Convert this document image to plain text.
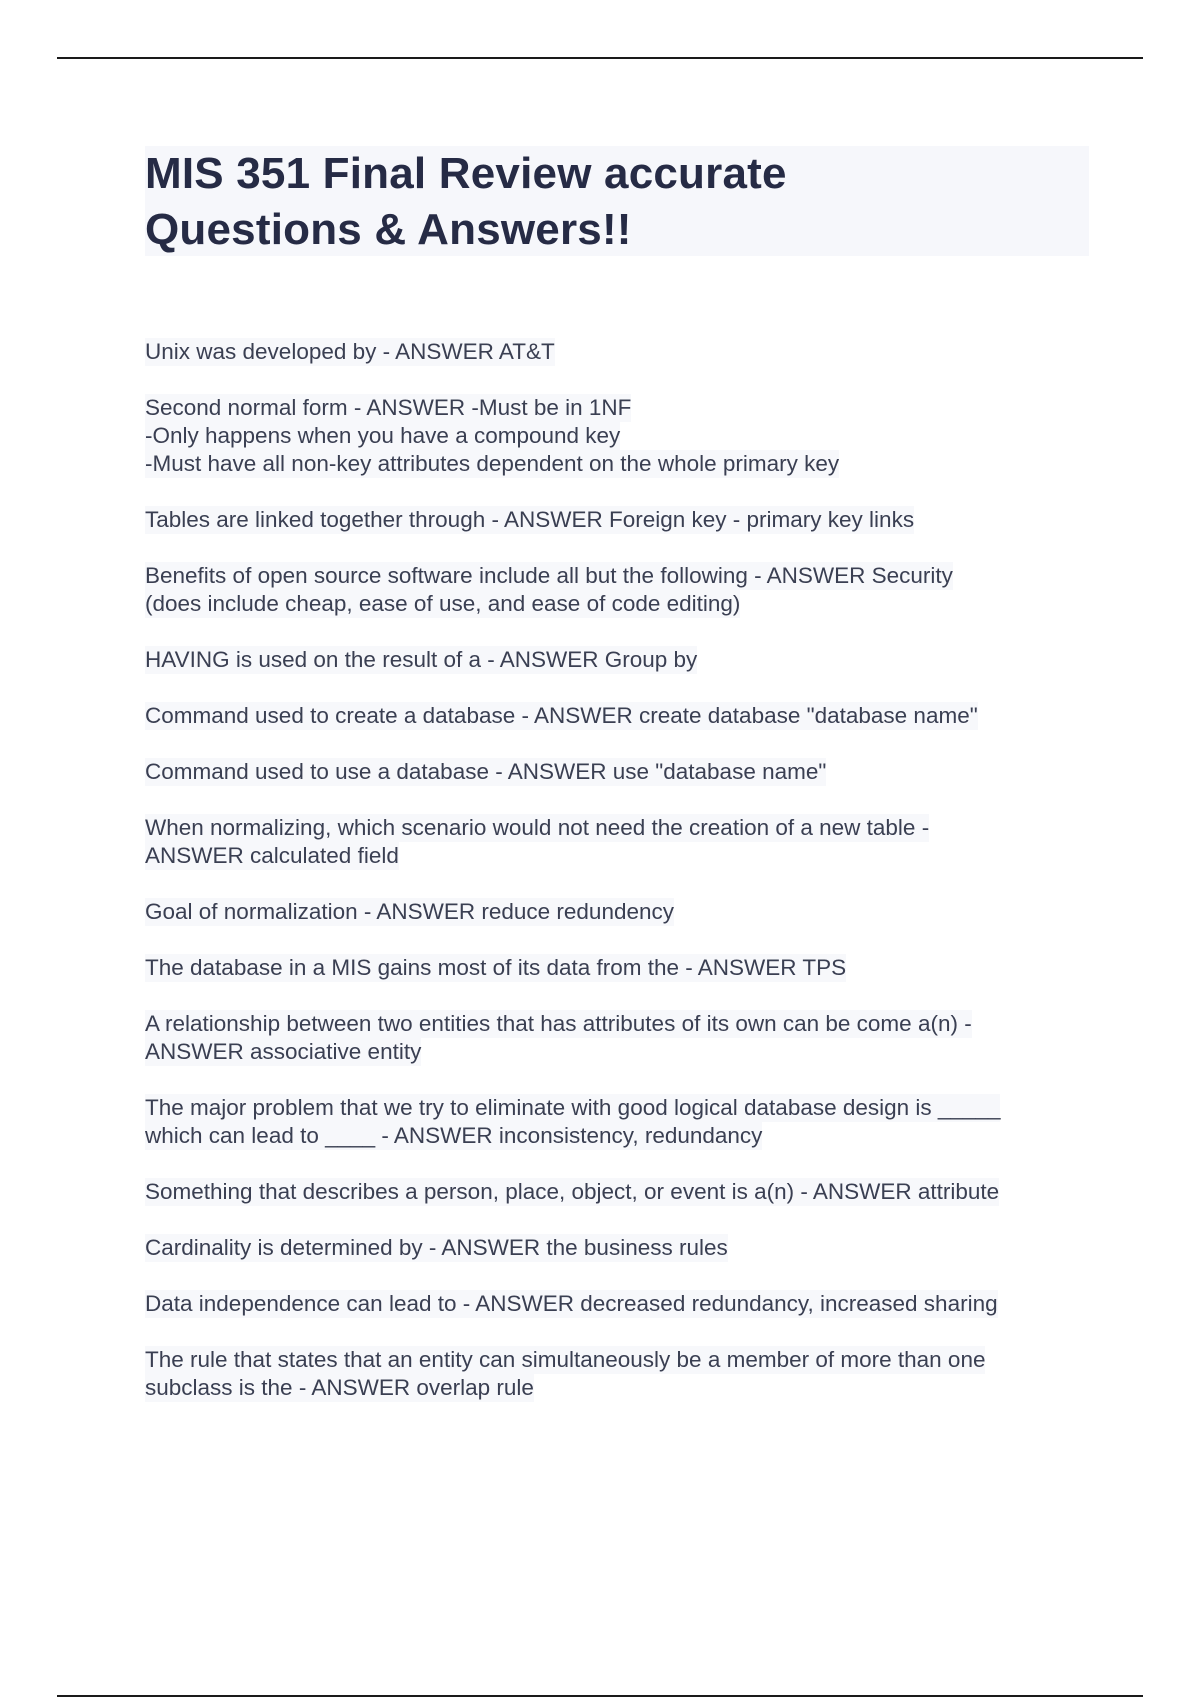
MIS 351 Final Review accurate
Questions & Answers!!

Unix was developed by - ANSWER AT&T

Second normal form - ANSWER -Must be in 1NF
-Only happens when you have a compound key
-Must have all non-key attributes dependent on the whole primary key

Tables are linked together through - ANSWER Foreign key - primary key links

Benefits of open source software include all but the following - ANSWER Security
(does include cheap, ease of use, and ease of code editing)

HAVING is used on the result of a - ANSWER Group by

Command used to create a database - ANSWER create database "database name"

Command used to use a database - ANSWER use "database name"

When normalizing, which scenario would not need the creation of a new table -
ANSWER calculated field

Goal of normalization - ANSWER reduce redundency

The database in a MIS gains most of its data from the - ANSWER TPS

A relationship between two entities that has attributes of its own can be come a(n) -
ANSWER associative entity

The major problem that we try to eliminate with good logical database design is _____
which can lead to ____ - ANSWER inconsistency, redundancy

Something that describes a person, place, object, or event is a(n) - ANSWER attribute

Cardinality is determined by - ANSWER the business rules

Data independence can lead to - ANSWER decreased redundancy, increased sharing

The rule that states that an entity can simultaneously be a member of more than one
subclass is the - ANSWER overlap rule
